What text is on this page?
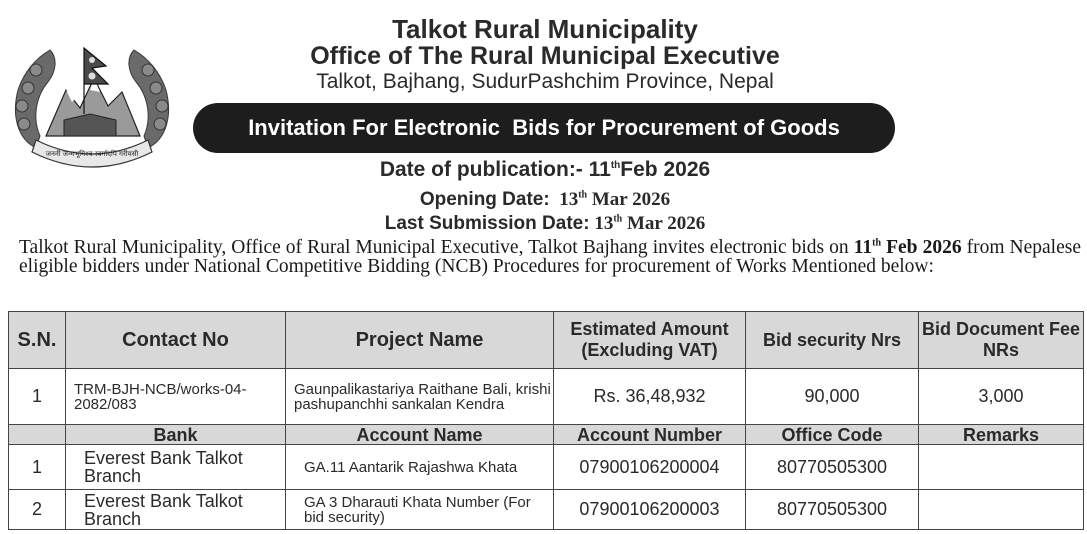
जननी जन्मभूमिश्च स्वर्गादपि गरीयसी
Talkot Rural Municipality
Office of The Rural Municipal Executive
Talkot, Bajhang, SudurPashchim Province, Nepal
Invitation For Electronic  Bids for Procurement of Goods
Date of publication:- 11thFeb 2026
Opening Date: 13th Mar 2026
Last Submission Date: 13th Mar 2026
Talkot Rural Municipality, Office of Rural Municipal Executive, Talkot Bajhang invites electronic bids on 11th Feb 2026 from Nepalese eligible bidders under National Competitive Bidding (NCB) Procedures for procurement of Works Mentioned below:
S.N.	Contact No	Project Name	Estimated Amount (Excluding VAT)	Bid security Nrs	Bid Document Fee NRs
1	TRM-BJH-NCB/works-04-2082/083	Gaunpalikastariya Raithane Bali, krishi pashupanchhi sankalan Kendra	Rs. 36,48,932	90,000	3,000
	Bank	Account Name	Account Number	Office Code	Remarks
1	Everest Bank Talkot Branch	GA.11 Aantarik Rajashwa Khata	07900106200004	80770505300	
2	Everest Bank Talkot Branch	GA 3 Dharauti Khata Number (For bid security)	07900106200003	80770505300	
